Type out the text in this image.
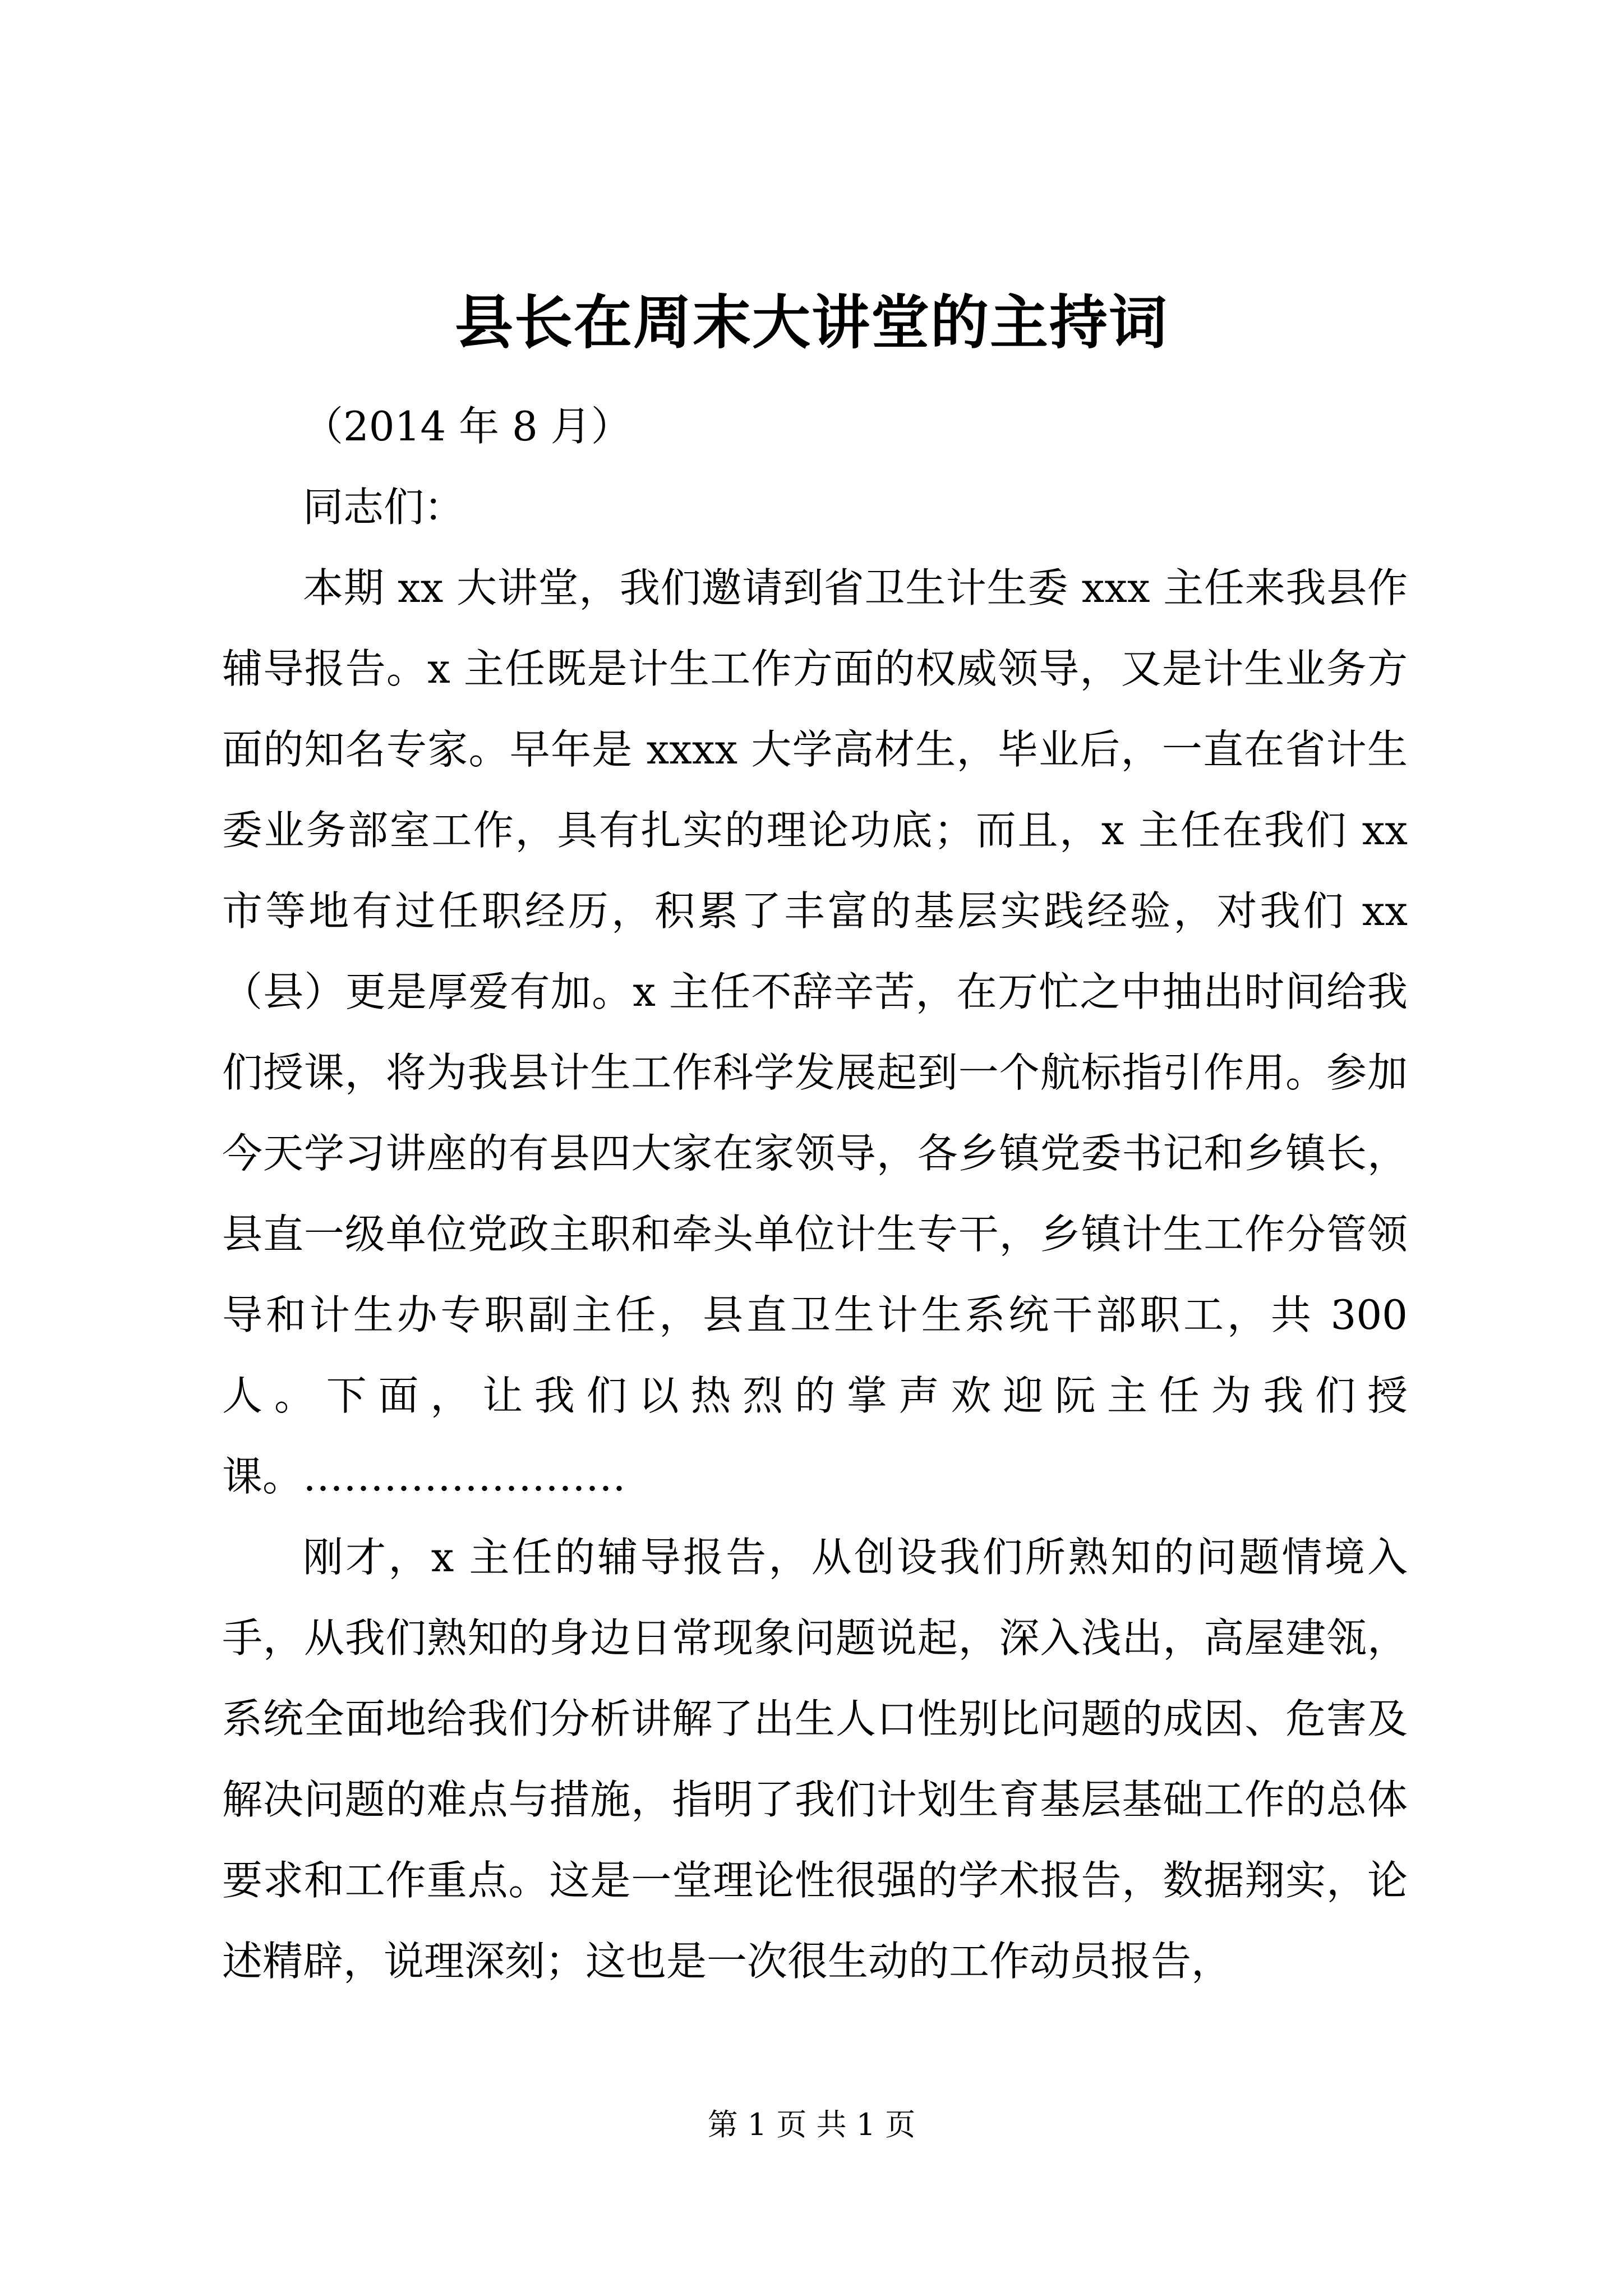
县长在周末大讲堂的主持词

（2014 年 8 月）

同志们：

本期 xx 大讲堂，我们邀请到省卫生计生委 xxx 主任来我县作辅导报告。x 主任既是计生工作方面的权威领导，又是计生业务方面的知名专家。早年是 xxxx 大学高材生，毕业后，一直在省计生委业务部室工作，具有扎实的理论功底；而且，x 主任在我们 xx 市等地有过任职经历，积累了丰富的基层实践经验，对我们 xx（县）更是厚爱有加。x 主任不辞辛苦，在万忙之中抽出时间给我们授课，将为我县计生工作科学发展起到一个航标指引作用。参加今天学习讲座的有县四大家在家领导，各乡镇党委书记和乡镇长，县直一级单位党政主职和牵头单位计生专干，乡镇计生工作分管领导和计生办专职副主任，县直卫生计生系统干部职工，共 300 人。下面，让我们以热烈的掌声欢迎阮主任为我们授课。……………………

刚才，x 主任的辅导报告，从创设我们所熟知的问题情境入手，从我们熟知的身边日常现象问题说起，深入浅出，高屋建瓴，系统全面地给我们分析讲解了出生人口性别比问题的成因、危害及解决问题的难点与措施，指明了我们计划生育基层基础工作的总体要求和工作重点。这是一堂理论性很强的学术报告，数据翔实，论述精辟，说理深刻；这也是一次很生动的工作动员报告，

第 1 页 共 1 页
